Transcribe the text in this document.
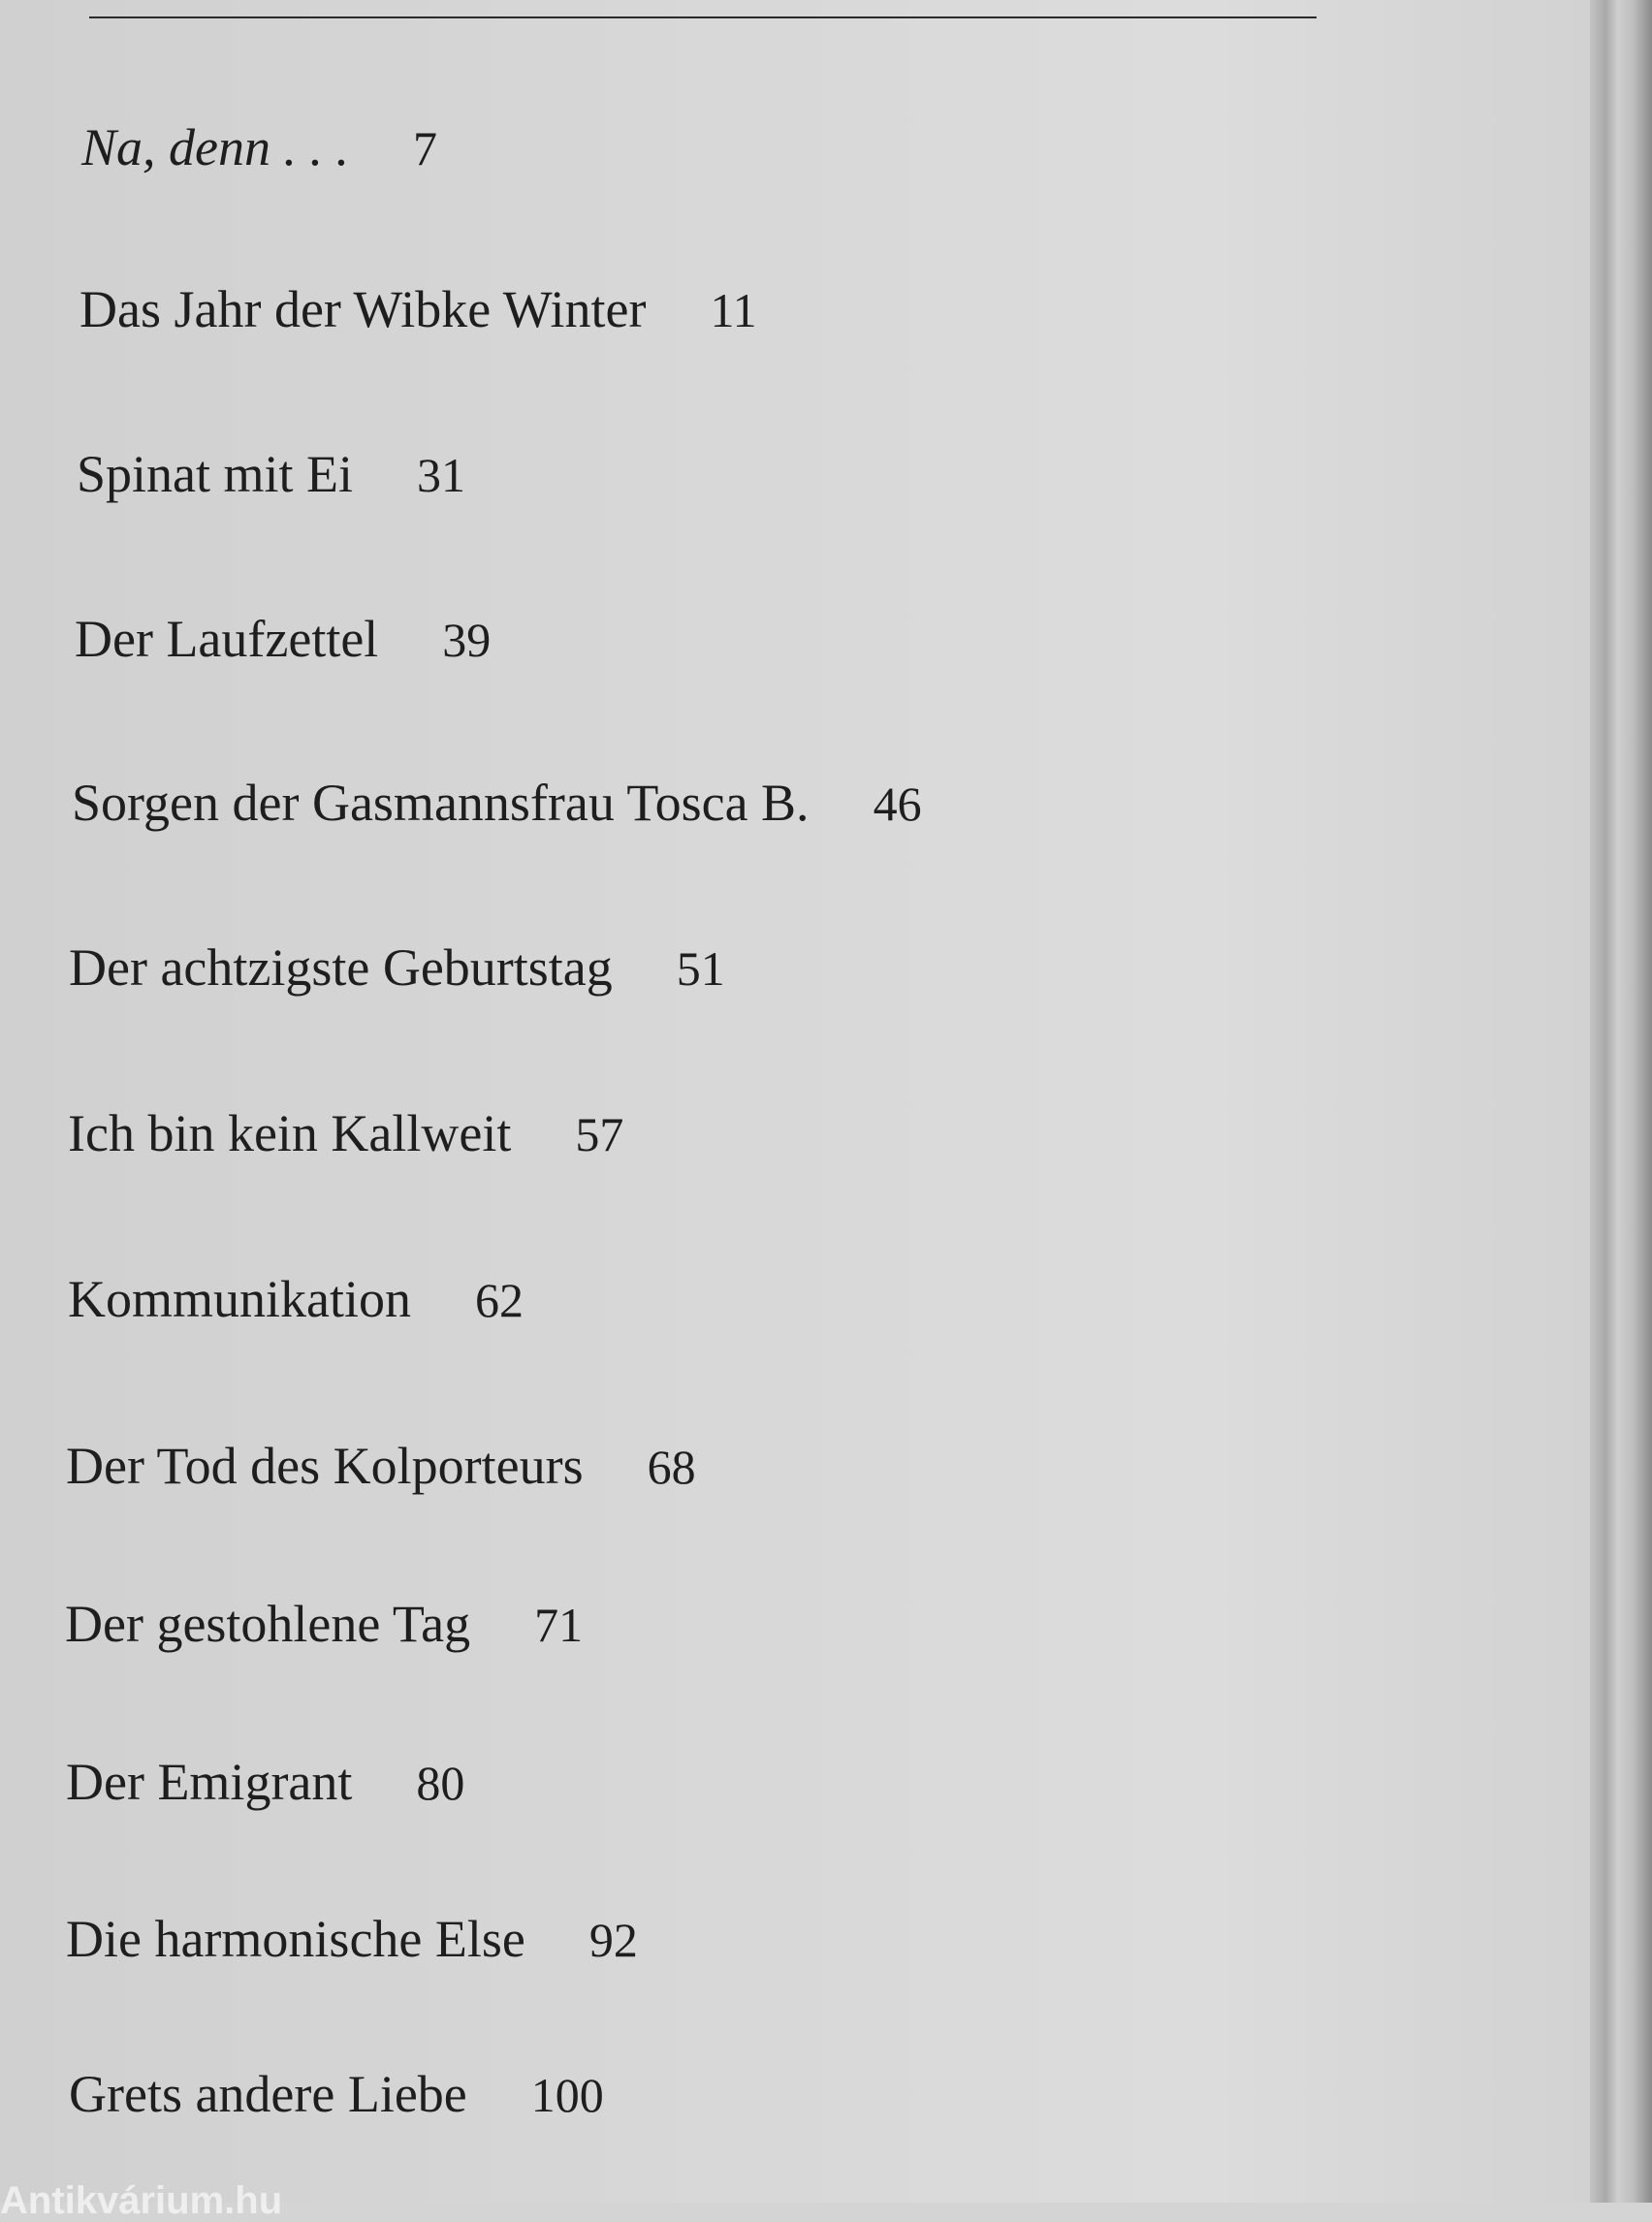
Na, denn . . . 7
Das Jahr der Wibke Winter 11
Spinat mit Ei 31
Der Laufzettel 39
Sorgen der Gasmannsfrau Tosca B. 46
Der achtzigste Geburtstag 51
Ich bin kein Kallweit 57
Kommunikation 62
Der Tod des Kolporteurs 68
Der gestohlene Tag 71
Der Emigrant 80
Die harmonische Else 92
Grets andere Liebe 100
Antikvárium.hu
